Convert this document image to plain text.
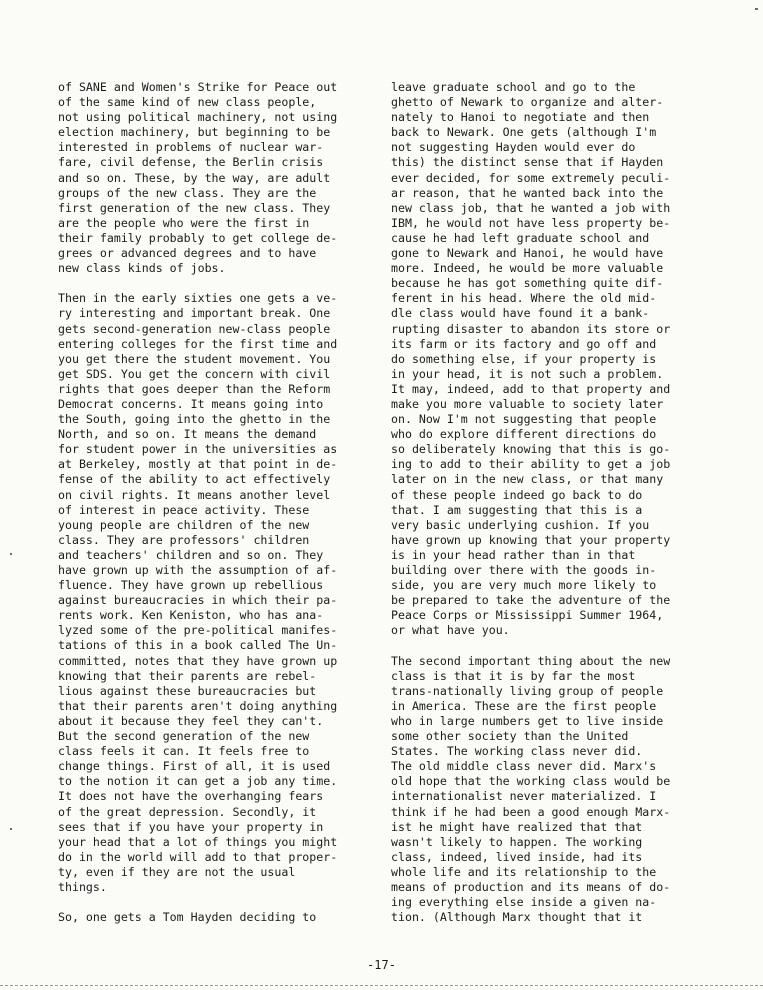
of SANE and Women's Strike for Peace out
of the same kind of new class people,
not using political machinery, not using
election machinery, but beginning to be
interested in problems of nuclear war-
fare, civil defense, the Berlin crisis
and so on. These, by the way, are adult
groups of the new class. They are the
first generation of the new class. They
are the people who were the first in
their family probably to get college de-
grees or advanced degrees and to have
new class kinds of jobs.
Then in the early sixties one gets a ve-
ry interesting and important break. One
gets second-generation new-class people
entering colleges for the first time and
you get there the student movement. You
get SDS. You get the concern with civil
rights that goes deeper than the Reform
Democrat concerns. It means going into
the South, going into the ghetto in the
North, and so on. It means the demand
for student power in the universities as
at Berkeley, mostly at that point in de-
fense of the ability to act effectively
on civil rights. It means another level
of interest in peace activity. These
young people are children of the new
class. They are professors' children
and teachers' children and so on. They
have grown up with the assumption of af-
fluence. They have grown up rebellious
against bureaucracies in which their pa-
rents work. Ken Keniston, who has ana-
lyzed some of the pre-political manifes-
tations of this in a book called The Un-
committed, notes that they have grown up
knowing that their parents are rebel-
lious against these bureaucracies but
that their parents aren't doing anything
about it because they feel they can't.
But the second generation of the new
class feels it can. It feels free to
change things. First of all, it is used
to the notion it can get a job any time.
It does not have the overhanging fears
of the great depression. Secondly, it
sees that if you have your property in
your head that a lot of things you might
do in the world will add to that proper-
ty, even if they are not the usual
things.
So, one gets a Tom Hayden deciding to
leave graduate school and go to the
ghetto of Newark to organize and alter-
nately to Hanoi to negotiate and then
back to Newark. One gets (although I'm
not suggesting Hayden would ever do
this) the distinct sense that if Hayden
ever decided, for some extremely peculi-
ar reason, that he wanted back into the
new class job, that he wanted a job with
IBM, he would not have less property be-
cause he had left graduate school and
gone to Newark and Hanoi, he would have
more. Indeed, he would be more valuable
because he has got something quite dif-
ferent in his head. Where the old mid-
dle class would have found it a bank-
rupting disaster to abandon its store or
its farm or its factory and go off and
do something else, if your property is
in your head, it is not such a problem.
It may, indeed, add to that property and
make you more valuable to society later
on. Now I'm not suggesting that people
who do explore different directions do
so deliberately knowing that this is go-
ing to add to their ability to get a job
later on in the new class, or that many
of these people indeed go back to do
that. I am suggesting that this is a
very basic underlying cushion. If you
have grown up knowing that your property
is in your head rather than in that
building over there with the goods in-
side, you are very much more likely to
be prepared to take the adventure of the
Peace Corps or Mississippi Summer 1964,
or what have you.
The second important thing about the new
class is that it is by far the most
trans-nationally living group of people
in America. These are the first people
who in large numbers get to live inside
some other society than the United
States. The working class never did.
The old middle class never did. Marx's
old hope that the working class would be
internationalist never materialized. I
think if he had been a good enough Marx-
ist he might have realized that that
wasn't likely to happen. The working
class, indeed, lived inside, had its
whole life and its relationship to the
means of production and its means of do-
ing everything else inside a given na-
tion. (Although Marx thought that it
-17-
